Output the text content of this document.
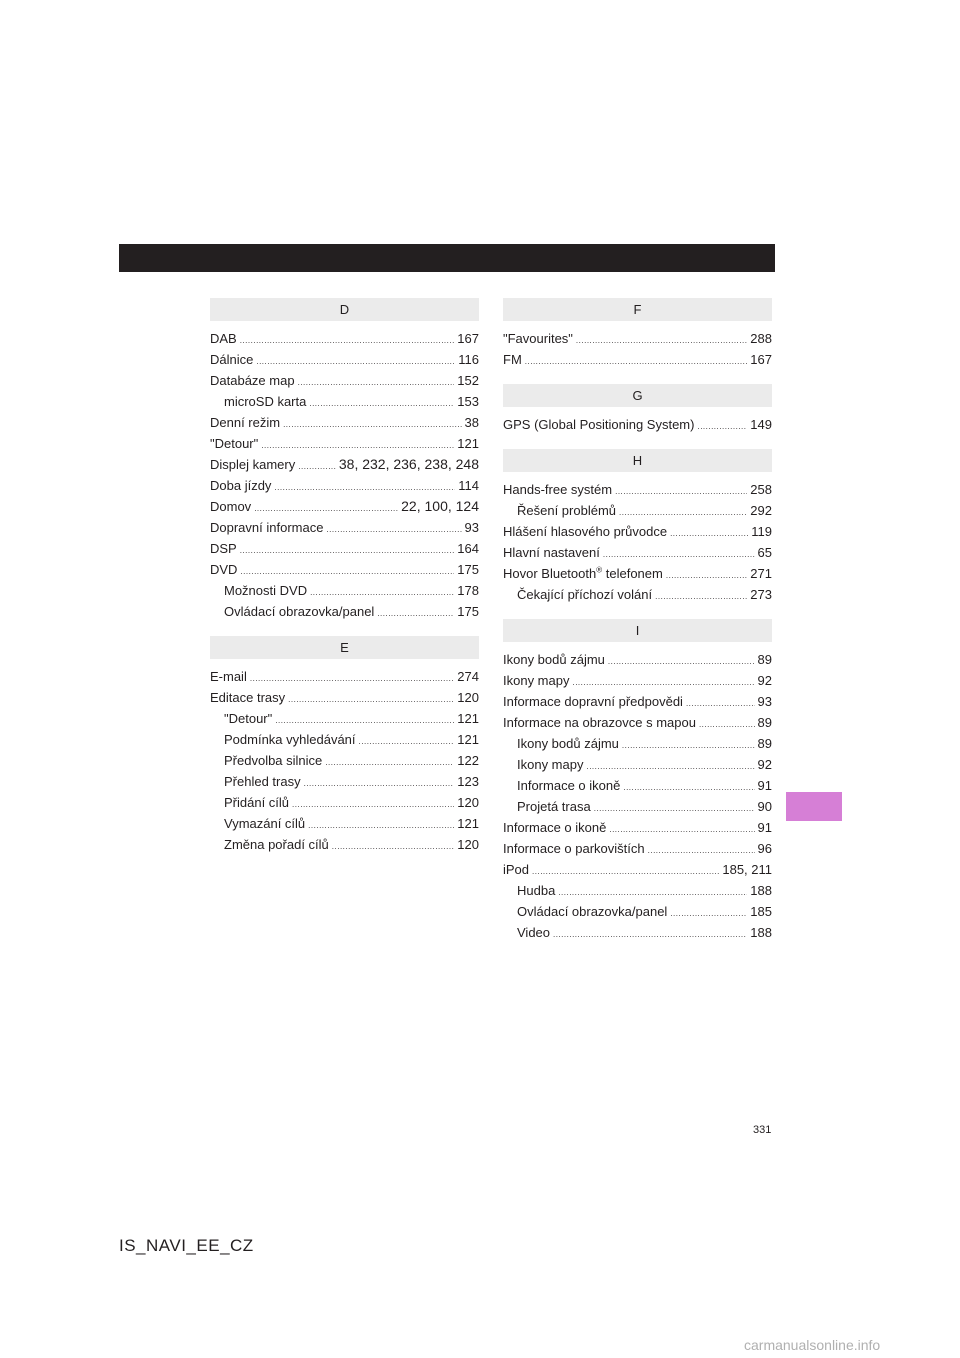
D
DAB .....	167
Dálnice .....	116
Databáze map .....	152
microSD karta .....	153
Denní režim .....	38
"Detour" .....	121
Displej kamery .....	38, 232, 236, 238, 248
Doba jízdy .....	114
Domov .....	22, 100, 124
Dopravní informace .....	93
DSP .....	164
DVD .....	175
Možnosti DVD .....	178
Ovládací obrazovka/panel .....	175
E
E-mail .....	274
Editace trasy .....	120
"Detour" .....	121
Podmínka vyhledávání .....	121
Předvolba silnice .....	122
Přehled trasy .....	123
Přidání cílů .....	120
Vymazání cílů .....	121
Změna pořadí cílů .....	120
F
"Favourites" .....	288
FM .....	167
G
GPS (Global Positioning System) .....	149
H
Hands-free systém .....	258
Řešení problémů .....	292
Hlášení hlasového průvodce .....	119
Hlavní nastavení .....	65
Hovor Bluetooth® telefonem .....	271
Čekající příchozí volání .....	273
I
Ikony bodů zájmu .....	89
Ikony mapy .....	92
Informace dopravní předpovědi .....	93
Informace na obrazovce s mapou .....	89
Ikony bodů zájmu .....	89
Ikony mapy .....	92
Informace o ikoně .....	91
Projetá trasa .....	90
Informace o ikoně .....	91
Informace o parkovištích .....	96
iPod .....	185, 211
Hudba .....	188
Ovládací obrazovka/panel .....	185
Video .....	188
331
IS_NAVI_EE_CZ
carmanualsonline.info
